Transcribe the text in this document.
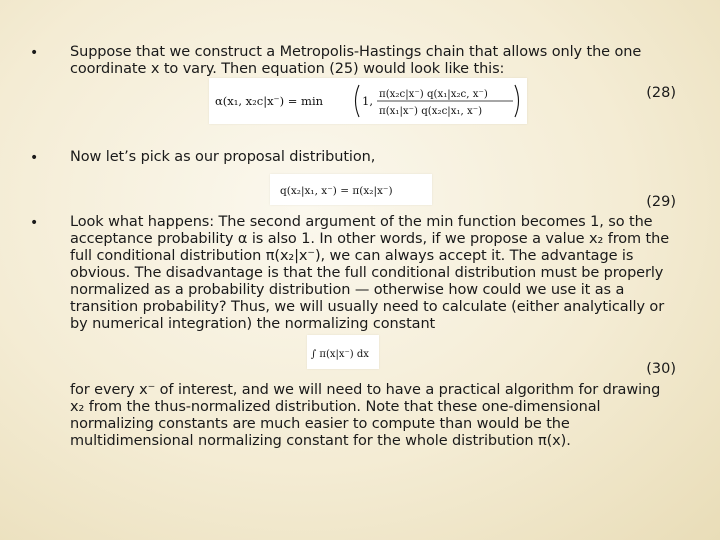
• Suppose that we construct a Metropolis-Hastings chain that allows only the one coordinate x to vary. Then equation (25) would look like this:
α(x₁, x₂c|x⁻) = min	1, π(x₂c|x⁻) q(x₁|x₂c, x⁻)
π(x₁|x⁻) q(x₂c|x₁, x⁻)
(28)
• Now let’s pick as our proposal distribution,
q(x₂|x₁, x⁻) = π(x₂|x⁻)
(29)
• Look what happens: The second argument of the min function becomes 1, so the acceptance probability α is also 1. In other words, if we propose a value x₂ from the full conditional distribution π(x₂|x⁻), we can always accept it. The advantage is obvious. The disadvantage is that the full conditional distribution must be properly normalized as a probability distribution — otherwise how could we use it as a transition probability? Thus, we will usually need to calculate (either analytically or by numerical integration) the normalizing constant
∫ π(x|x⁻) dx
(30)
for every x⁻ of interest, and we will need to have a practical algorithm for drawing x₂ from the thus-normalized distribution. Note that these one-dimensional normalizing constants are much easier to compute than would be the multidimensional normalizing constant for the whole distribution π(x).
